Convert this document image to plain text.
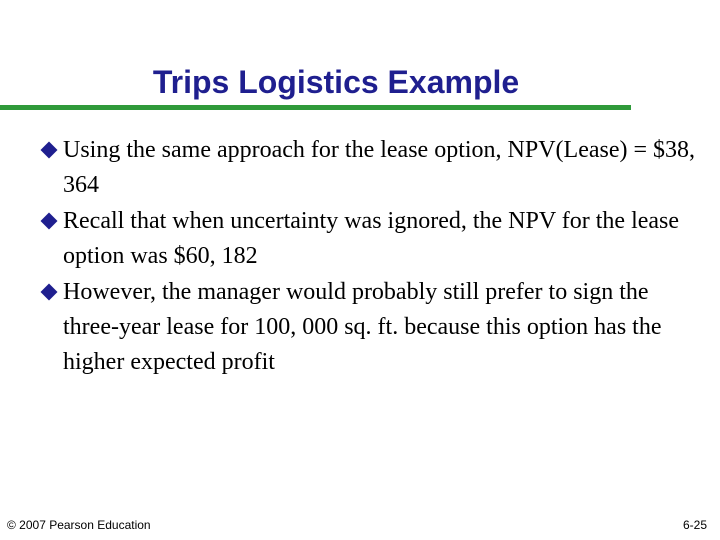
Trips Logistics Example
Using the same approach for the lease option, NPV(Lease) = $38, 364
Recall that when uncertainty was ignored, the NPV for the lease option was $60, 182
However, the manager would probably still prefer to sign the three-year lease for 100, 000 sq. ft. because this option has the higher expected profit
© 2007 Pearson Education	6-25
